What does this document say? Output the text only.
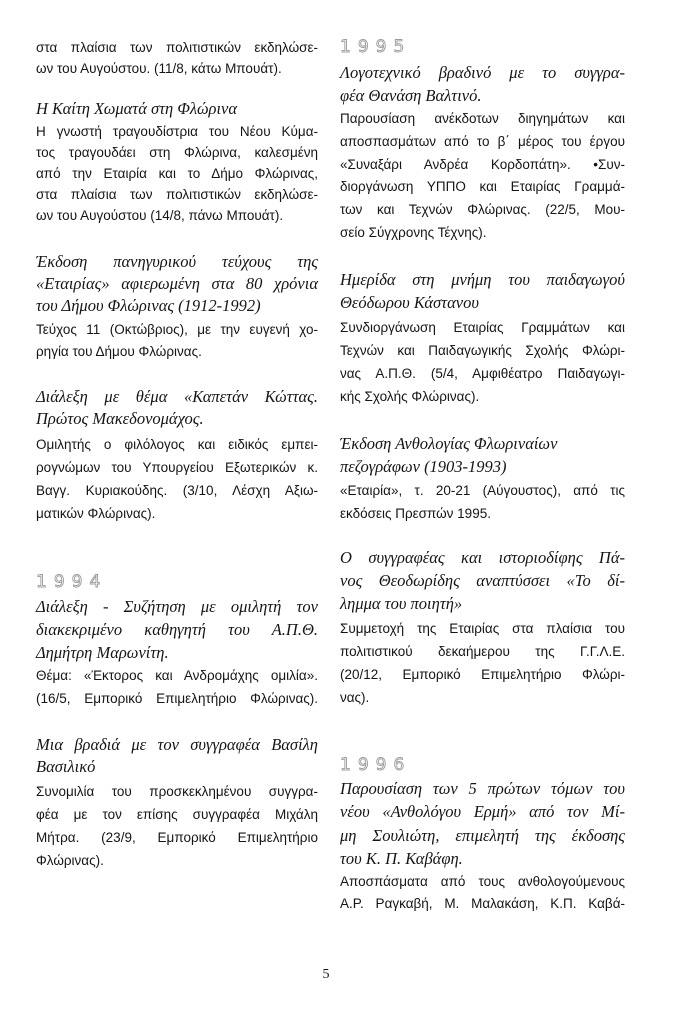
στα πλαίσια των πολιτιστικών εκδηλώσε-
ων του Αυγούστου. (11/8, κάτω Μπουάτ).
Η Καίτη Χωματά στη Φλώρινα
Η γνωστή τραγουδίστρια του Νέου Κύμα-
τος τραγουδάει στη Φλώρινα, καλεσμένη
από την Εταιρία και το Δήμο Φλώρινας,
στα πλαίσια των πολιτιστικών εκδηλώσε-
ων του Αυγούστου (14/8, πάνω Μπουάτ).
Έκδοση πανηγυρικού τεύχους της
«Εταιρίας» αφιερωμένη στα 80 χρόνια
του Δήμου Φλώρινας (1912-1992)
Τεύχος 11 (Οκτώβριος), με την ευγενή χο-
ρηγία του Δήμου Φλώρινας.
Διάλεξη με θέμα «Καπετάν Κώττας.
Πρώτος Μακεδονομάχος.
Ομιλητής ο φιλόλογος και ειδικός εμπει-
ρογνώμων του Υπουργείου Εξωτερικών κ.
Βαγγ. Κυριακούδης. (3/10, Λέσχη Αξιω-
ματικών Φλώρινας).
1994
Διάλεξη - Συζήτηση με ομιλητή τον
διακεκριμένο καθηγητή του Α.Π.Θ.
Δημήτρη Μαρωνίτη.
Θέμα: «Έκτορος και Ανδρομάχης ομιλία».
(16/5, Εμπορικό Επιμελητήριο Φλώρινας).
Μια βραδιά με τον συγγραφέα Βασίλη
Βασιλικό
Συνομιλία του προσκεκλημένου συγγρα-
φέα με τον επίσης συγγραφέα Μιχάλη
Μήτρα. (23/9, Εμπορικό Επιμελητήριο
Φλώρινας).
1995
Λογοτεχνικό βραδινό με το συγγρα-
φέα Θανάση Βαλτινό.
Παρουσίαση ανέκδοτων διηγημάτων και
αποσπασμάτων από το β΄ μέρος του έργου
«Συναξάρι Ανδρέα Κορδοπάτη». •Συν-
διοργάνωση ΥΠΠΟ και Εταιρίας Γραμμά-
των και Τεχνών Φλώρινας. (22/5, Μου-
σείο Σύγχρονης Τέχνης).
Ημερίδα στη μνήμη του παιδαγωγού
Θεόδωρου Κάστανου
Συνδιοργάνωση Εταιρίας Γραμμάτων και
Τεχνών και Παιδαγωγικής Σχολής Φλώρι-
νας Α.Π.Θ. (5/4, Αμφιθέατρο Παιδαγωγι-
κής Σχολής Φλώρινας).
Έκδοση Ανθολογίας Φλωριναίων
πεζογράφων (1903-1993)
«Εταιρία», τ. 20-21 (Αύγουστος), από τις
εκδόσεις Πρεσπών 1995.
Ο συγγραφέας και ιστοριοδίφης Πά-
νος Θεοδωρίδης αναπτύσσει «Το δί-
λημμα του ποιητή»
Συμμετοχή της Εταιρίας στα πλαίσια του
πολιτιστικού δεκαήμερου της Γ.Γ.Λ.Ε.
(20/12, Εμπορικό Επιμελητήριο Φλώρι-
νας).
1996
Παρουσίαση των 5 πρώτων τόμων του
νέου «Ανθολόγου Ερμή» από τον Μί-
μη Σουλιώτη, επιμελητή της έκδοσης
του Κ. Π. Καβάφη.
Αποσπάσματα από τους ανθολογούμενους
Α.Ρ. Ραγκαβή, Μ. Μαλακάση, Κ.Π. Καβά-
5
